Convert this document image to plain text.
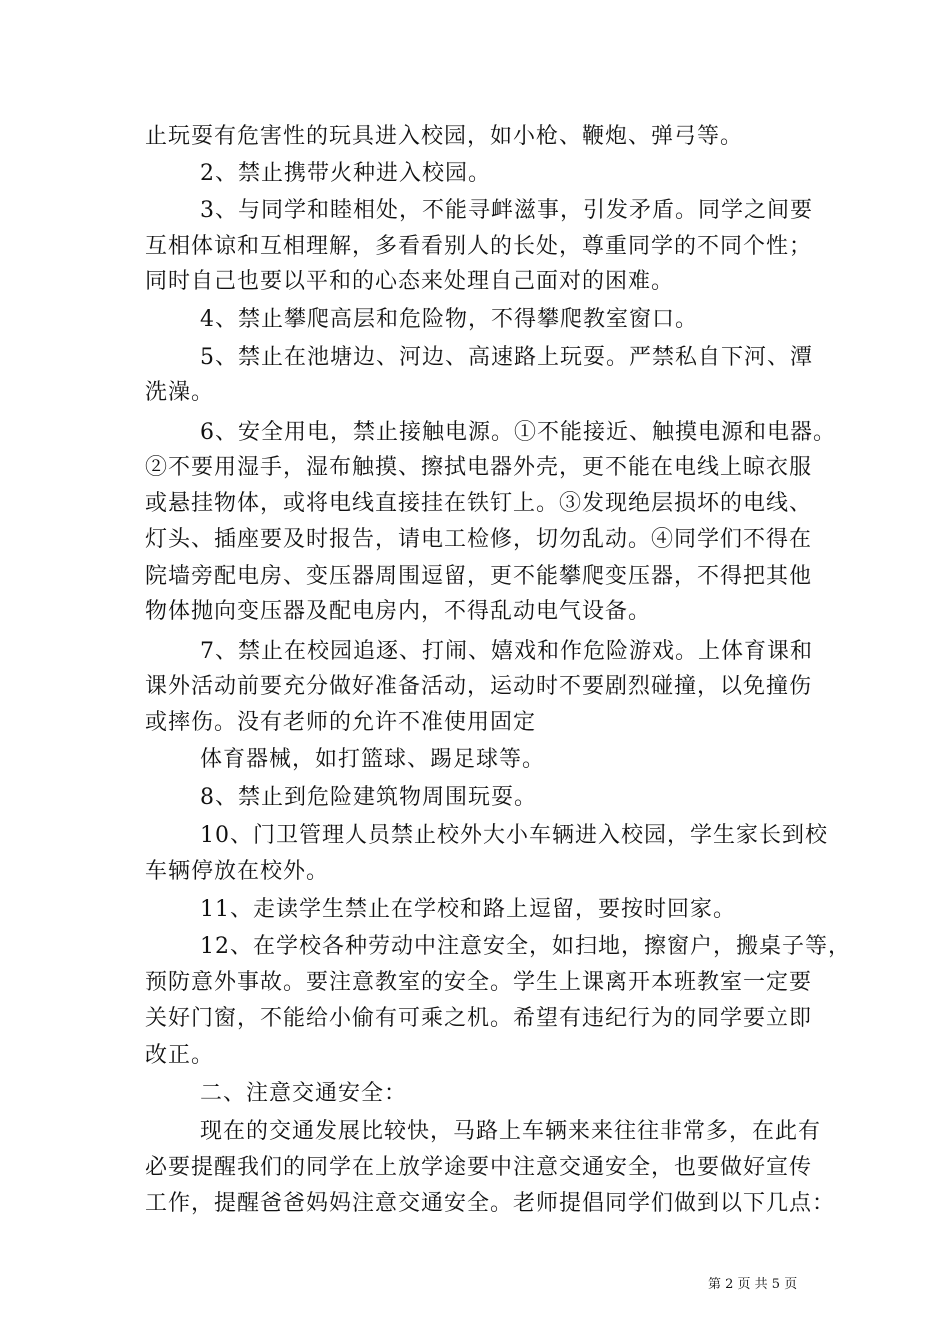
止玩耍有危害性的玩具进入校园，如小枪、鞭炮、弹弓等。
2、禁止携带火种进入校园。
3、与同学和睦相处，不能寻衅滋事，引发矛盾。同学之间要
互相体谅和互相理解，多看看别人的长处，尊重同学的不同个性；
同时自己也要以平和的心态来处理自己面对的困难。
4、禁止攀爬高层和危险物，不得攀爬教室窗口。
5、禁止在池塘边、河边、高速路上玩耍。严禁私自下河、潭
洗澡。
6、安全用电，禁止接触电源。①不能接近、触摸电源和电器。
②不要用湿手，湿布触摸、擦拭电器外壳，更不能在电线上晾衣服
或悬挂物体，或将电线直接挂在铁钉上。③发现绝层损坏的电线、
灯头、插座要及时报告，请电工检修，切勿乱动。④同学们不得在
院墙旁配电房、变压器周围逗留，更不能攀爬变压器，不得把其他
物体抛向变压器及配电房内，不得乱动电气设备。
7、禁止在校园追逐、打闹、嬉戏和作危险游戏。上体育课和
课外活动前要充分做好准备活动，运动时不要剧烈碰撞，以免撞伤
或摔伤。没有老师的允许不准使用固定
体育器械，如打篮球、踢足球等。
8、禁止到危险建筑物周围玩耍。
10、门卫管理人员禁止校外大小车辆进入校园，学生家长到校
车辆停放在校外。
11、走读学生禁止在学校和路上逗留，要按时回家。
12、在学校各种劳动中注意安全，如扫地，擦窗户，搬桌子等，
预防意外事故。要注意教室的安全。学生上课离开本班教室一定要
关好门窗，不能给小偷有可乘之机。希望有违纪行为的同学要立即
改正。
二、注意交通安全：
现在的交通发展比较快，马路上车辆来来往往非常多，在此有
必要提醒我们的同学在上放学途要中注意交通安全，也要做好宣传
工作，提醒爸爸妈妈注意交通安全。老师提倡同学们做到以下几点：
第 2 页 共 5 页
